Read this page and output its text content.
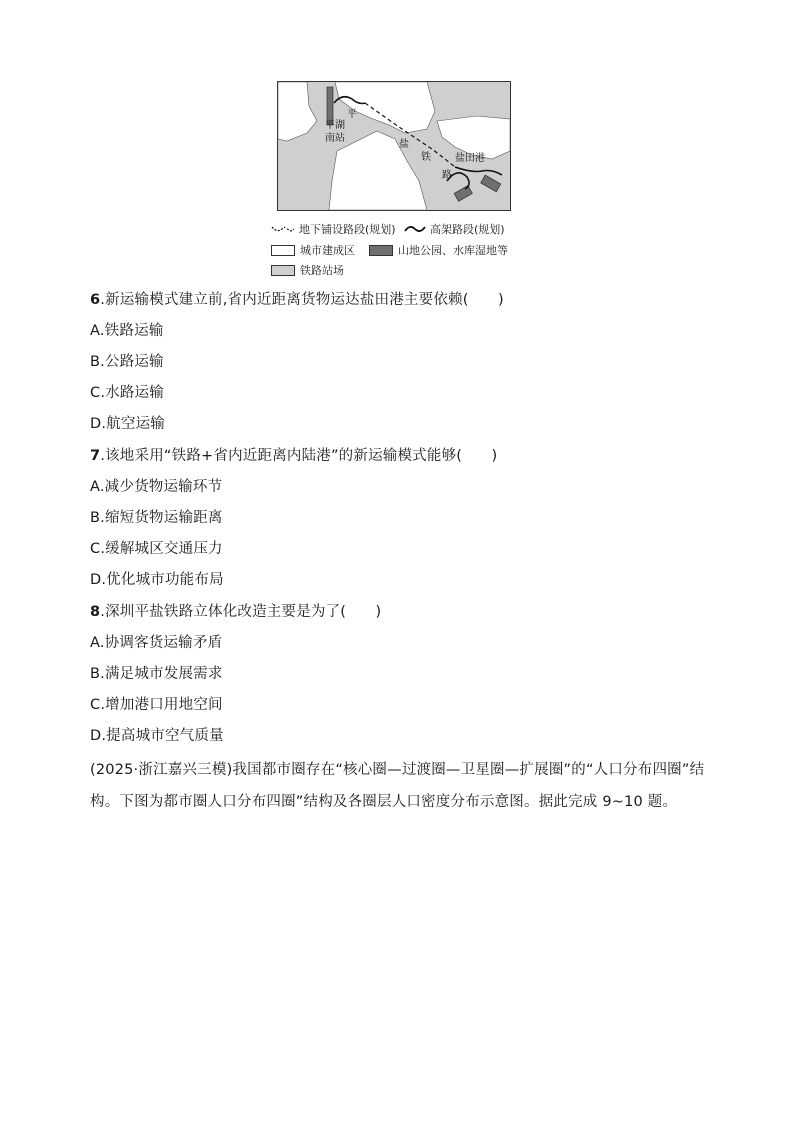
平湖
南站
平
盐
铁
路
盐田港
地下铺设路段(规划)	高架路段(规划)
城市建成区	山地公园、水库湿地等
铁路站场
6.新运输模式建立前,省内近距离货物运达盐田港主要依赖(　　)
A.铁路运输
B.公路运输
C.水路运输
D.航空运输
7.该地采用“铁路+省内近距离内陆港”的新运输模式能够(　　)
A.减少货物运输环节
B.缩短货物运输距离
C.缓解城区交通压力
D.优化城市功能布局
8.深圳平盐铁路立体化改造主要是为了(　　)
A.协调客货运输矛盾
B.满足城市发展需求
C.增加港口用地空间
D.提高城市空气质量
(2025·浙江嘉兴三模)我国都市圈存在“核心圈—过渡圈—卫星圈—扩展圈”的“人口分布四圈”结构。下图为都市圈人口分布四圈”结构及各圈层人口密度分布示意图。据此完成 9~10 题。
